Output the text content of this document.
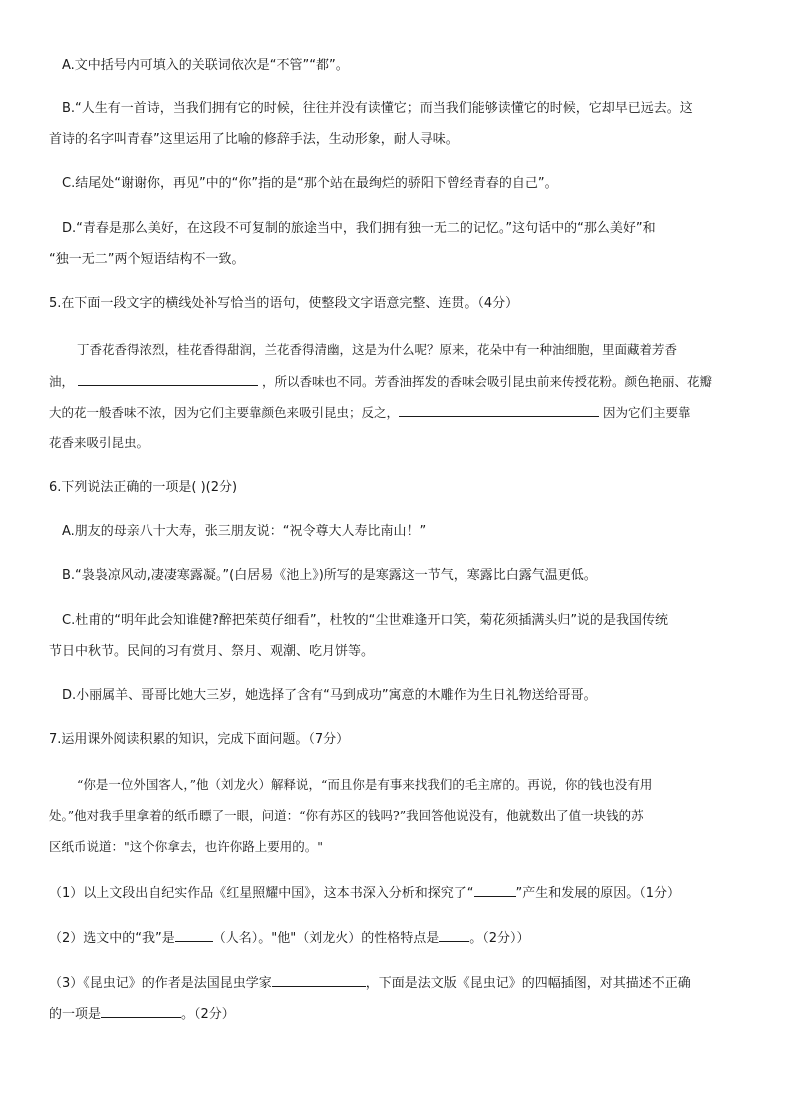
A.文中括号内可填入的关联词依次是“不管”“都”。
B.“人生有一首诗，当我们拥有它的时候，往往并没有读懂它；而当我们能够读懂它的时候，它却早已远去。这
首诗的名字叫青春”这里运用了比喻的修辞手法，生动形象，耐人寻味。
C.结尾处“谢谢你，再见”中的“你”指的是“那个站在最绚烂的骄阳下曾经青春的自己”。
D.“青春是那么美好，在这段不可复制的旅途当中，我们拥有独一无二的记忆。”这句话中的“那么美好”和
“独一无二”两个短语结构不一致。
5.在下面一段文字的横线处补写恰当的语句，使整段文字语意完整、连贯。（4分）
丁香花香得浓烈，桂花香得甜润，兰花香得清幽，这是为什么呢？原来，花朵中有一种油细胞，里面藏着芳香
油，	，所以香味也不同。芳香油挥发的香味会吸引昆虫前来传授花粉。颜色艳丽、花瓣
大的花一般香味不浓，因为它们主要靠颜色来吸引昆虫；反之，	因为它们主要靠
花香来吸引昆虫。
6.下列说法正确的一项是( )(2分)
A.朋友的母亲八十大寿，张三朋友说：“祝令尊大人寿比南山！”
B.“袅袅凉风动,凄凄寒露凝。”(白居易《池上》)所写的是寒露这一节气，寒露比白露气温更低。
C.杜甫的“明年此会知谁健?醉把茱萸仔细看”，杜牧的“尘世难逢开口笑，菊花须插满头归”说的是我国传统
节日中秋节。民间的习有赏月、祭月、观潮、吃月饼等。
D.小丽属羊、哥哥比她大三岁，她选择了含有“马到成功”寓意的木雕作为生日礼物送给哥哥。
7.运用课外阅读积累的知识，完成下面问题。（7分）
“你是一位外国客人，”他（刘龙火）解释说，“而且你是有事来找我们的毛主席的。再说，你的钱也没有用
处。”他对我手里拿着的纸币瞟了一眼，问道：“你有苏区的钱吗?”我回答他说没有，他就数出了值一块钱的苏
区纸币说道："这个你拿去，也许你路上要用的。"
（1）以上文段出自纪实作品《红星照耀中国》，这本书深入分析和探究了“	”产生和发展的原因。（1分）
（2）选文中的“我”是	（人名）。"他"（刘龙火）的性格特点是 。（2分））
（3）《昆虫记》的作者是法国昆虫学家	，下面是法文版《昆虫记》的四幅插图，对其描述不正确
的一项是	。（2分）
